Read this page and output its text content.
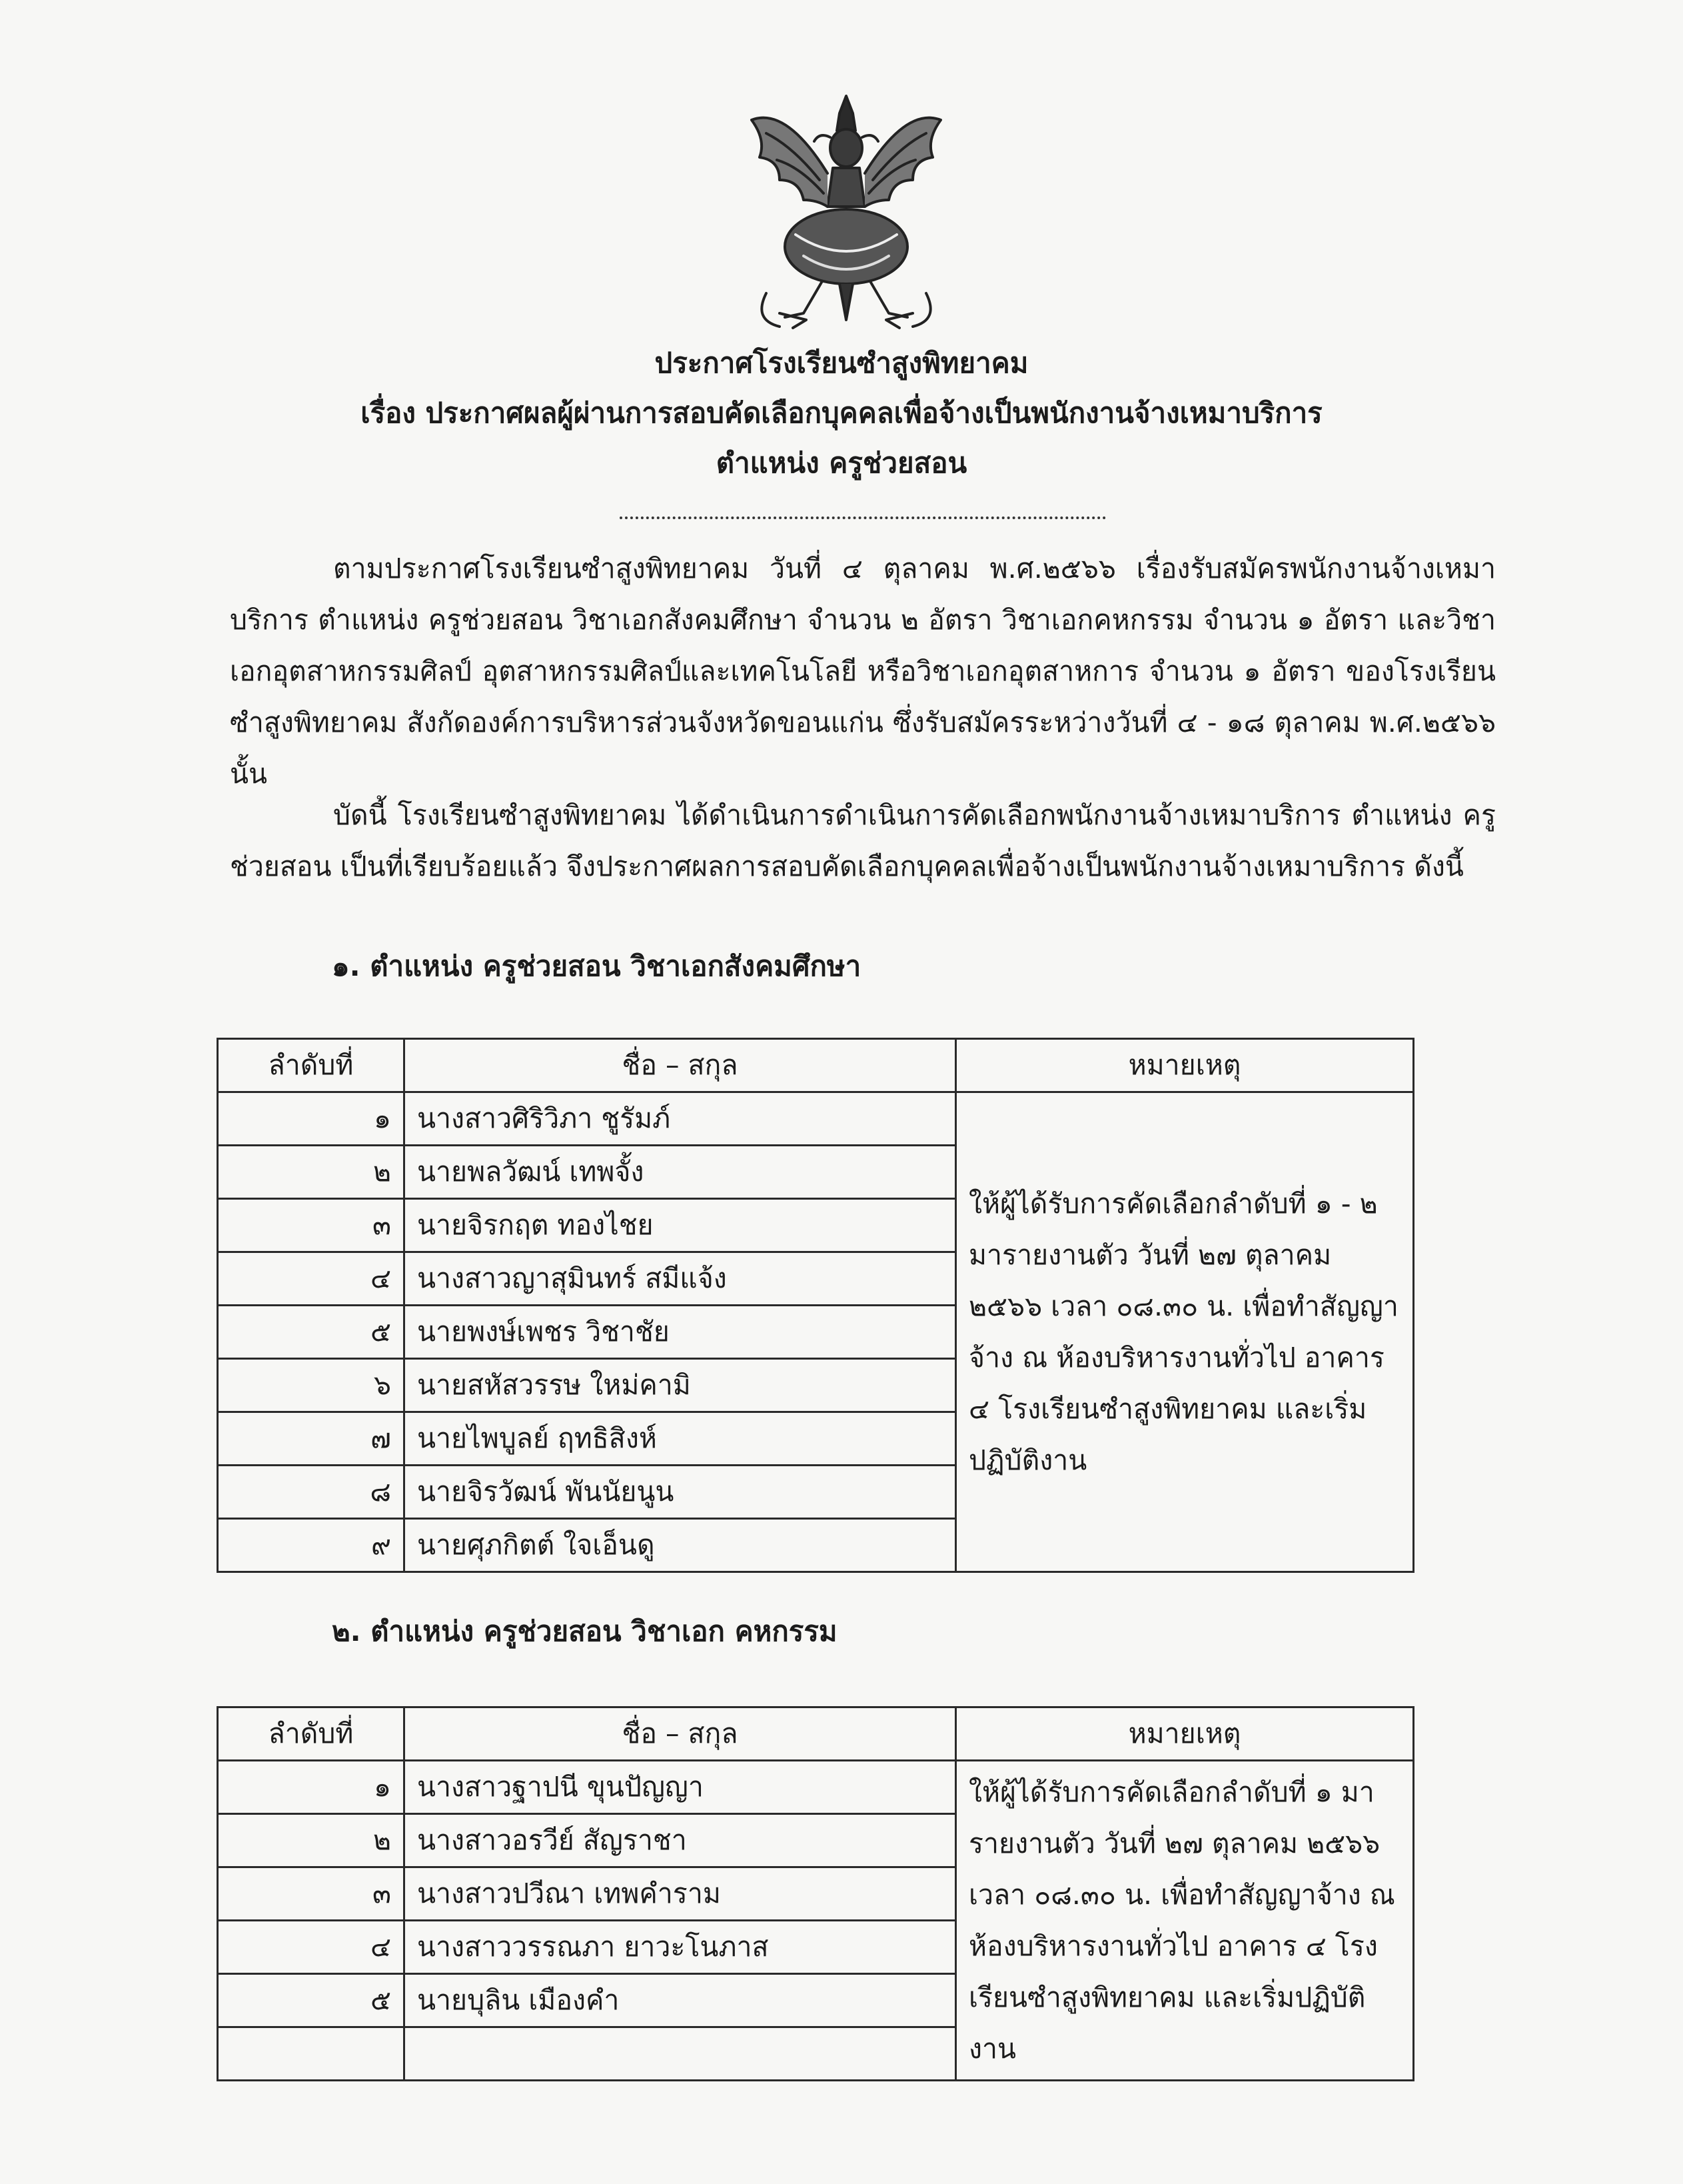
ประกาศโรงเรียนซำสูงพิทยาคม
เรื่อง ประกาศผลผู้ผ่านการสอบคัดเลือกบุคคลเพื่อจ้างเป็นพนักงานจ้างเหมาบริการ
ตำแหน่ง ครูช่วยสอน
ตามประกาศโรงเรียนซำสูงพิทยาคม วันที่ ๔ ตุลาคม พ.ศ.๒๕๖๖ เรื่องรับสมัครพนักงานจ้างเหมาบริการ ตำแหน่ง ครูช่วยสอน วิชาเอกสังคมศึกษา จำนวน ๒ อัตรา วิชาเอกคหกรรม จำนวน ๑ อัตรา และวิชาเอกอุตสาหกรรมศิลป์ อุตสาหกรรมศิลป์และเทคโนโลยี หรือวิชาเอกอุตสาหการ จำนวน ๑ อัตรา ของโรงเรียนซำสูงพิทยาคม สังกัดองค์การบริหารส่วนจังหวัดขอนแก่น ซึ่งรับสมัครระหว่างวันที่ ๔ - ๑๘ ตุลาคม พ.ศ.๒๕๖๖ นั้น
บัดนี้ โรงเรียนซำสูงพิทยาคม ได้ดำเนินการดำเนินการคัดเลือกพนักงานจ้างเหมาบริการ ตำแหน่ง ครูช่วยสอน เป็นที่เรียบร้อยแล้ว จึงประกาศผลการสอบคัดเลือกบุคคลเพื่อจ้างเป็นพนักงานจ้างเหมาบริการ ดังนี้
๑. ตำแหน่ง ครูช่วยสอน วิชาเอกสังคมศึกษา
ลำดับที่	ชื่อ – สกุล	หมายเหตุ
๑	นางสาวศิริวิภา ชูรัมภ์	ให้ผู้ได้รับการคัดเลือกลำดับที่ ๑ - ๒ มารายงานตัว วันที่ ๒๗ ตุลาคม ๒๕๖๖ เวลา ๐๘.๓๐ น. เพื่อทำสัญญาจ้าง ณ ห้องบริหารงานทั่วไป อาคาร ๔ โรงเรียนซำสูงพิทยาคม และเริ่มปฏิบัติงาน
๒	นายพลวัฒน์ เทพจั้ง	
๓	นายจิรกฤต ทองไชย	
๔	นางสาวญาสุมินทร์ สมีแจ้ง	
๕	นายพงษ์เพชร วิชาชัย	
๖	นายสหัสวรรษ ใหม่คามิ	
๗	นายไพบูลย์ ฤทธิสิงห์	
๘	นายจิรวัฒน์ พันนัยนูน	
๙	นายศุภกิตต์ ใจเอ็นดู	
๒. ตำแหน่ง ครูช่วยสอน วิชาเอก คหกรรม
ลำดับที่	ชื่อ – สกุล	หมายเหตุ
๑	นางสาวฐาปนี ขุนปัญญา	ให้ผู้ได้รับการคัดเลือกลำดับที่ ๑ มารายงานตัว วันที่ ๒๗ ตุลาคม ๒๕๖๖ เวลา ๐๘.๓๐ น. เพื่อทำสัญญาจ้าง ณ ห้องบริหารงานทั่วไป อาคาร ๔ โรงเรียนซำสูงพิทยาคม และเริ่มปฏิบัติงาน
๒	นางสาวอรวีย์ สัญราชา	
๓	นางสาวปวีณา เทพคำราม	
๔	นางสาววรรณภา ยาวะโนภาส	
๕	นายบุลิน เมืองคำ	
